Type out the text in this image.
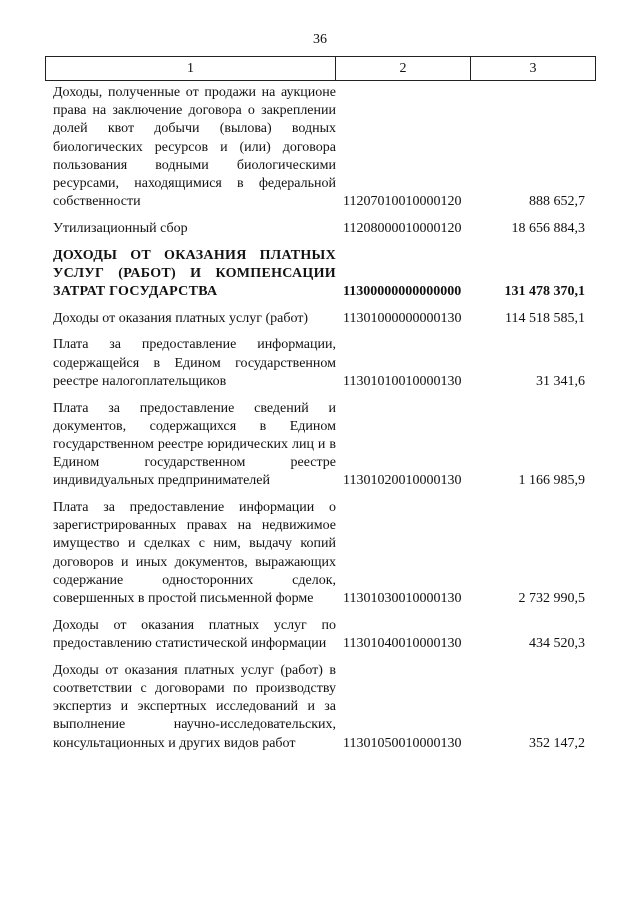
36
1	2	3
Доходы, полученные от продажи на аукционе права на заключение договора о закреплении долей квот добычи (вылова) водных биологических ресурсов и (или) договора пользования водными биологическими ресурсами, находящимися в федеральной собственности	11207010010000120	888 652,7
Утилизационный сбор	11208000010000120	18 656 884,3
ДОХОДЫ ОТ ОКАЗАНИЯ ПЛАТНЫХ УСЛУГ (РАБОТ) И КОМПЕНСАЦИИ ЗАТРАТ ГОСУДАРСТВА	11300000000000000	131 478 370,1
Доходы от оказания платных услуг (работ)	11301000000000130	114 518 585,1
Плата за предоставление информации, содержащейся в Едином государственном реестре налогоплательщиков	11301010010000130	31 341,6
Плата за предоставление сведений и документов, содержащихся в Едином государственном реестре юридических лиц и в Едином государственном реестре индивидуальных предпринимателей	11301020010000130	1 166 985,9
Плата за предоставление информации о зарегистрированных правах на недвижимое имущество и сделках с ним, выдачу копий договоров и иных документов, выражающих содержание односторонних сделок, совершенных в простой письменной форме	11301030010000130	2 732 990,5
Доходы от оказания платных услуг по предоставлению статистической информации	11301040010000130	434 520,3
Доходы от оказания платных услуг (работ) в соответствии с договорами по производству экспертиз и экспертных исследований и за выполнение научно-исследовательских, консультационных и других видов работ	11301050010000130	352 147,2
